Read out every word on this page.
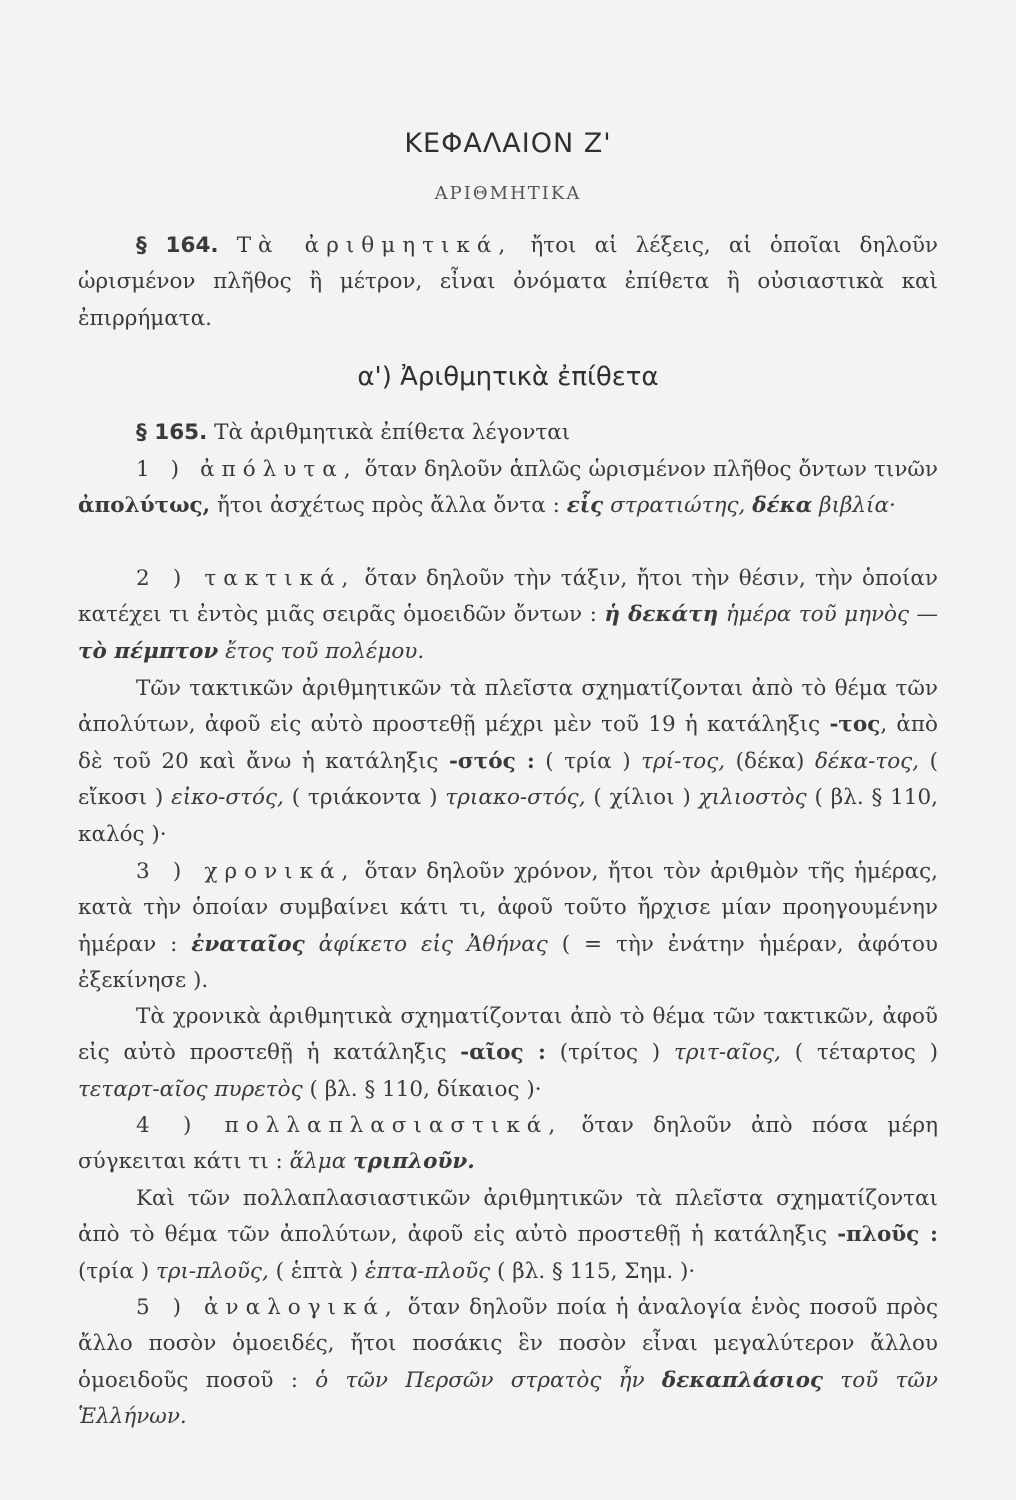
ΚΕΦΑΛΑΙΟΝ Ζ'
ΑΡΙΘΜΗΤΙΚΑ

§ 164. Τὰ ἀριθμητικά, ἤτοι αἱ λέξεις, αἱ ὁποῖαι δηλοῦν ὡρισμένον πλῆθος ἢ μέτρον, εἶναι ὀνόματα ἐπίθετα ἢ οὐσιαστικὰ καὶ ἐπιρρήματα.

α') Ἀριθμητικὰ ἐπίθετα

§ 165. Τὰ ἀριθμητικὰ ἐπίθετα λέγονται

1 ) ἀπόλυτα, ὅταν δηλοῦν ἁπλῶς ὡρισμένον πλῆθος ὄντων τινῶν ἀπολύτως, ἤτοι ἀσχέτως πρὸς ἄλλα ὄντα : εἷς στρατιώτης, δέκα βιβλία·

2 ) τακτικά, ὅταν δηλοῦν τὴν τάξιν, ἤτοι τὴν θέσιν, τὴν ὁποίαν κατέχει τι ἐντὸς μιᾶς σειρᾶς ὁμοειδῶν ὄντων : ἡ δεκάτη ἡμέρα τοῦ μηνὸς — τὸ πέμπτον ἔτος τοῦ πολέμου.

Τῶν τακτικῶν ἀριθμητικῶν τὰ πλεῖστα σχηματίζονται ἀπὸ τὸ θέμα τῶν ἀπολύτων, ἀφοῦ εἰς αὐτὸ προστεθῇ μέχρι μὲν τοῦ 19 ἡ κατάληξις -τος, ἀπὸ δὲ τοῦ 20 καὶ ἄνω ἡ κατάληξις -στός : ( τρία ) τρί-τος, (δέκα) δέκα-τος, ( εἴκοσι ) εἰκο-στός, ( τριάκοντα ) τριακο-στός, ( χίλιοι ) χιλιοστὸς ( βλ. § 110, καλός )·

3 ) χρονικά, ὅταν δηλοῦν χρόνον, ἤτοι τὸν ἀριθμὸν τῆς ἡμέρας, κατὰ τὴν ὁποίαν συμβαίνει κάτι τι, ἀφοῦ τοῦτο ἤρχισε μίαν προηγουμένην ἡμέραν : ἐναταῖος ἀφίκετο εἰς Ἀθήνας ( = τὴν ἐνάτην ἡμέραν, ἀφότου ἐξεκίνησε ).

Τὰ χρονικὰ ἀριθμητικὰ σχηματίζονται ἀπὸ τὸ θέμα τῶν τακτικῶν, ἀφοῦ εἰς αὐτὸ προστεθῇ ἡ κατάληξις -αῖος : (τρίτος ) τριτ-αῖος, ( τέταρτος ) τεταρτ-αῖος πυρετὸς ( βλ. § 110, δίκαιος )·

4 ) πολλαπλασιαστικά, ὅταν δηλοῦν ἀπὸ πόσα μέρη σύγκειται κάτι τι : ἅλμα τριπλοῦν.

Καὶ τῶν πολλαπλασιαστικῶν ἀριθμητικῶν τὰ πλεῖστα σχηματίζονται ἀπὸ τὸ θέμα τῶν ἀπολύτων, ἀφοῦ εἰς αὐτὸ προστεθῇ ἡ κατάληξις -πλοῦς : (τρία ) τρι-πλοῦς, ( ἑπτὰ ) ἑπτα-πλοῦς ( βλ. § 115, Σημ. )·

5 ) ἀναλογικά, ὅταν δηλοῦν ποία ἡ ἀναλογία ἑνὸς ποσοῦ πρὸς ἄλλο ποσὸν ὁμοειδές, ἤτοι ποσάκις ἓν ποσὸν εἶναι μεγαλύτερον ἄλλου ὁμοειδοῦς ποσοῦ : ὁ τῶν Περσῶν στρατὸς ἦν δεκαπλάσιος τοῦ τῶν Ἑλλήνων.
